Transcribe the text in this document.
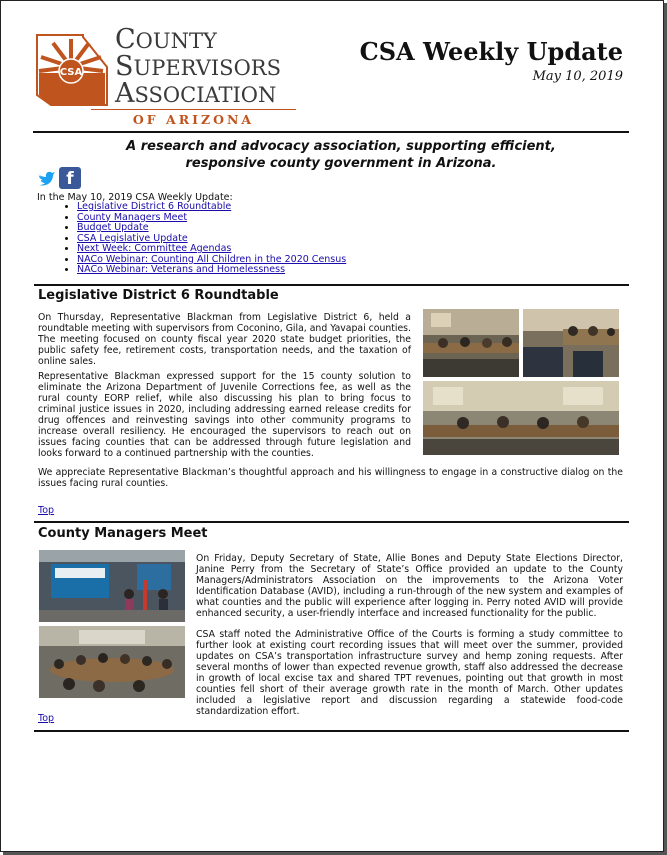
CSA
COUNTY
SUPERVISORS
ASSOCIATION
OF ARIZONA
CSA Weekly Update
May 10, 2019
A research and advocacy association, supporting efficient, responsive county government in Arizona.
f
In the May 10, 2019 CSA Weekly Update:
• Legislative District 6 Roundtable
• County Managers Meet
• Budget Update
• CSA Legislative Update
• Next Week: Committee Agendas
• NACo Webinar: Counting All Children in the 2020 Census
• NACo Webinar: Veterans and Homelessness
Legislative District 6 Roundtable

On Thursday, Representative Blackman from Legislative District 6, held a roundtable meeting with supervisors from Coconino, Gila, and Yavapai counties. The meeting focused on county fiscal year 2020 state budget priorities, the public safety fee, retirement costs, transportation needs, and the taxation of online sales.

Representative Blackman expressed support for the 15 county solution to eliminate the Arizona Department of Juvenile Corrections fee, as well as the rural county EORP relief, while also discussing his plan to bring focus to criminal justice issues in 2020, including addressing earned release credits for drug offences and reinvesting savings into other community programs to increase overall resiliency. He encouraged the supervisors to reach out on issues facing counties that can be addressed through future legislation and looks forward to a continued partnership with the counties.

We appreciate Representative Blackman’s thoughtful approach and his willingness to engage in a constructive dialog on the issues facing rural counties.

Top
County Managers Meet

On Friday, Deputy Secretary of State, Allie Bones and Deputy State Elections Director, Janine Perry from the Secretary of State’s Office provided an update to the County Managers/Administrators Association on the improvements to the Arizona Voter Identification Database (AVID), including a run-through of the new system and examples of what counties and the public will experience after logging in. Perry noted AVID will provide enhanced security, a user-friendly interface and increased functionality for the public.

CSA staff noted the Administrative Office of the Courts is forming a study committee to further look at existing court recording issues that will meet over the summer, provided updates on CSA’s transportation infrastructure survey and hemp zoning requests. After several months of lower than expected revenue growth, staff also addressed the decrease in growth of local excise tax and shared TPT revenues, pointing out that growth in most counties fell short of their average growth rate in the month of March. Other updates included a legislative report and discussion regarding a statewide food-code standardization effort.

Top
